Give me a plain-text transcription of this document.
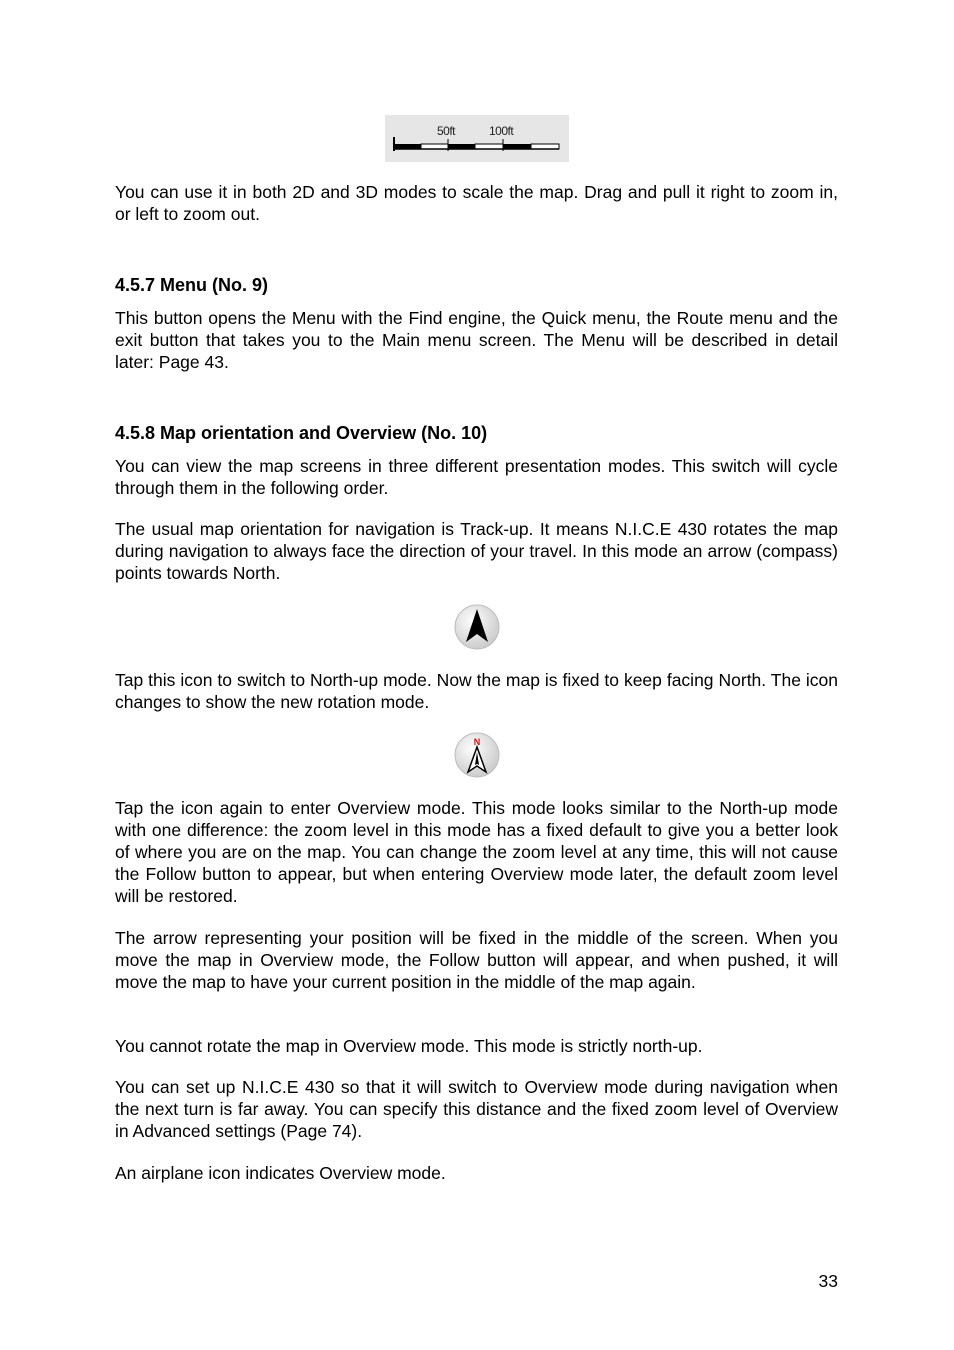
50ft	100ft

You can use it in both 2D and 3D modes to scale the map. Drag and pull it right to zoom in, or left to zoom out.

4.5.7 Menu (No. 9)

This button opens the Menu with the Find engine, the Quick menu, the Route menu and the exit button that takes you to the Main menu screen. The Menu will be described in detail later: Page 43.

4.5.8 Map orientation and Overview (No. 10)

You can view the map screens in three different presentation modes. This switch will cycle through them in the following order.

The usual map orientation for navigation is Track-up. It means N.I.C.E 430 rotates the map during navigation to always face the direction of your travel. In this mode an arrow (compass) points towards North.

Tap this icon to switch to North-up mode. Now the map is fixed to keep facing North. The icon changes to show the new rotation mode.

N

Tap the icon again to enter Overview mode. This mode looks similar to the North-up mode with one difference: the zoom level in this mode has a fixed default to give you a better look of where you are on the map. You can change the zoom level at any time, this will not cause the Follow button to appear, but when entering Overview mode later, the default zoom level will be restored.

The arrow representing your position will be fixed in the middle of the screen. When you move the map in Overview mode, the Follow button will appear, and when pushed, it will move the map to have your current position in the middle of the map again.

You cannot rotate the map in Overview mode. This mode is strictly north-up.

You can set up N.I.C.E 430 so that it will switch to Overview mode during navigation when the next turn is far away. You can specify this distance and the fixed zoom level of Overview in Advanced settings (Page 74).

An airplane icon indicates Overview mode.

33
